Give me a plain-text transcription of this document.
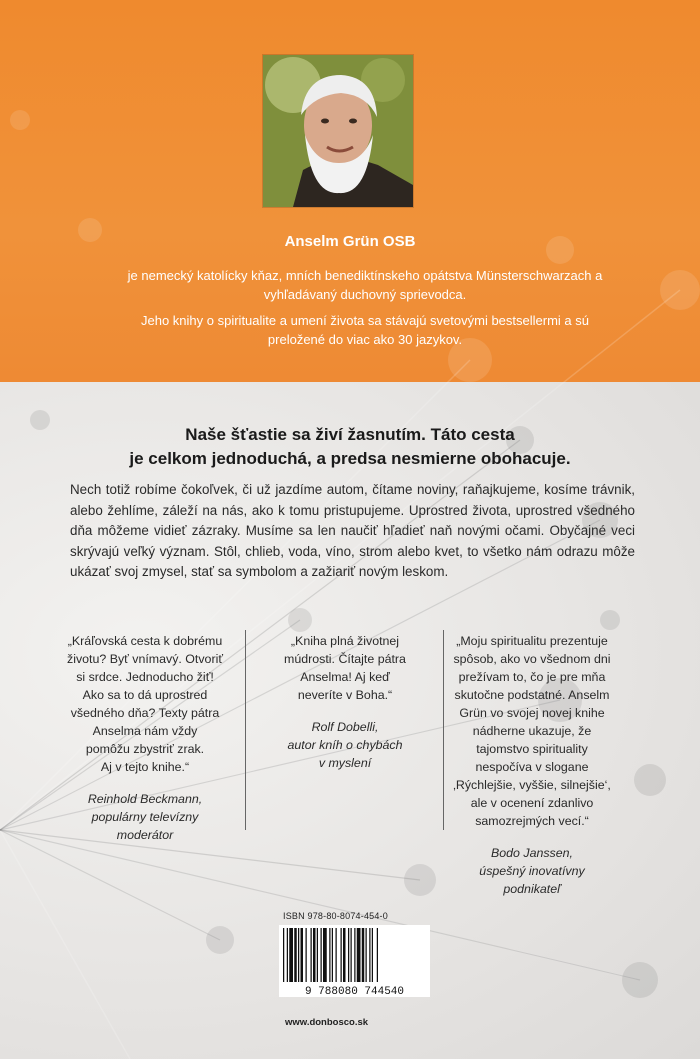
Anselm Grün OSB
je nemecký katolícky kňaz, mních benediktínskeho opátstva Münsterschwarzach a vyhľadávaný duchovný sprievodca.
Jeho knihy o spiritualite a umení života sa stávajú svetovými bestsellermi a sú preložené do viac ako 30 jazykov.
Naše šťastie sa živí žasnutím. Táto cesta
je celkom jednoduchá, a predsa nesmierne obohacuje.
Nech totiž robíme čokoľvek, či už jazdíme autom, čítame noviny, raňajkujeme, kosíme trávnik, alebo žehlíme, záleží na nás, ako k tomu pristupujeme. Uprostred života, uprostred všedného dňa môžeme vidieť zázraky. Musíme sa len naučiť hľadieť naň novými očami. Obyčajné veci skrývajú veľký význam. Stôl, chlieb, voda, víno, strom alebo kvet, to všetko nám odrazu môže ukázať svoj zmysel, stať sa symbolom a zažiariť novým leskom.
„Kráľovská cesta k dobrému
životu? Byť vnímavý. Otvoriť
si srdce. Jednoducho žiť!
Ako sa to dá uprostred
všedného dňa? Texty pátra
Anselma nám vždy
pomôžu zbystriť zrak.
Aj v tejto knihe.“
Reinhold Beckmann,
populárny televízny
moderátor
„Kniha plná životnej
múdrosti. Čítajte pátra
Anselma! Aj keď
neveríte v Boha.“
Rolf Dobelli,
autor kníh o chybách
v myslení
„Moju spiritualitu prezentuje
spôsob, ako vo všednom dni
prežívam to, čo je pre mňa
skutočne podstatné. Anselm
Grün vo svojej novej knihe
nádherne ukazuje, že
tajomstvo spirituality
nespočíva v slogane
‚Rýchlejšie, vyššie, silnejšie‘,
ale v ocenení zdanlivo
samozrejmých vecí.“
Bodo Janssen,
úspešný inovatívny
podnikateľ
ISBN 978-80-8074-454-0
9 788080 744540
www.donbosco.sk
